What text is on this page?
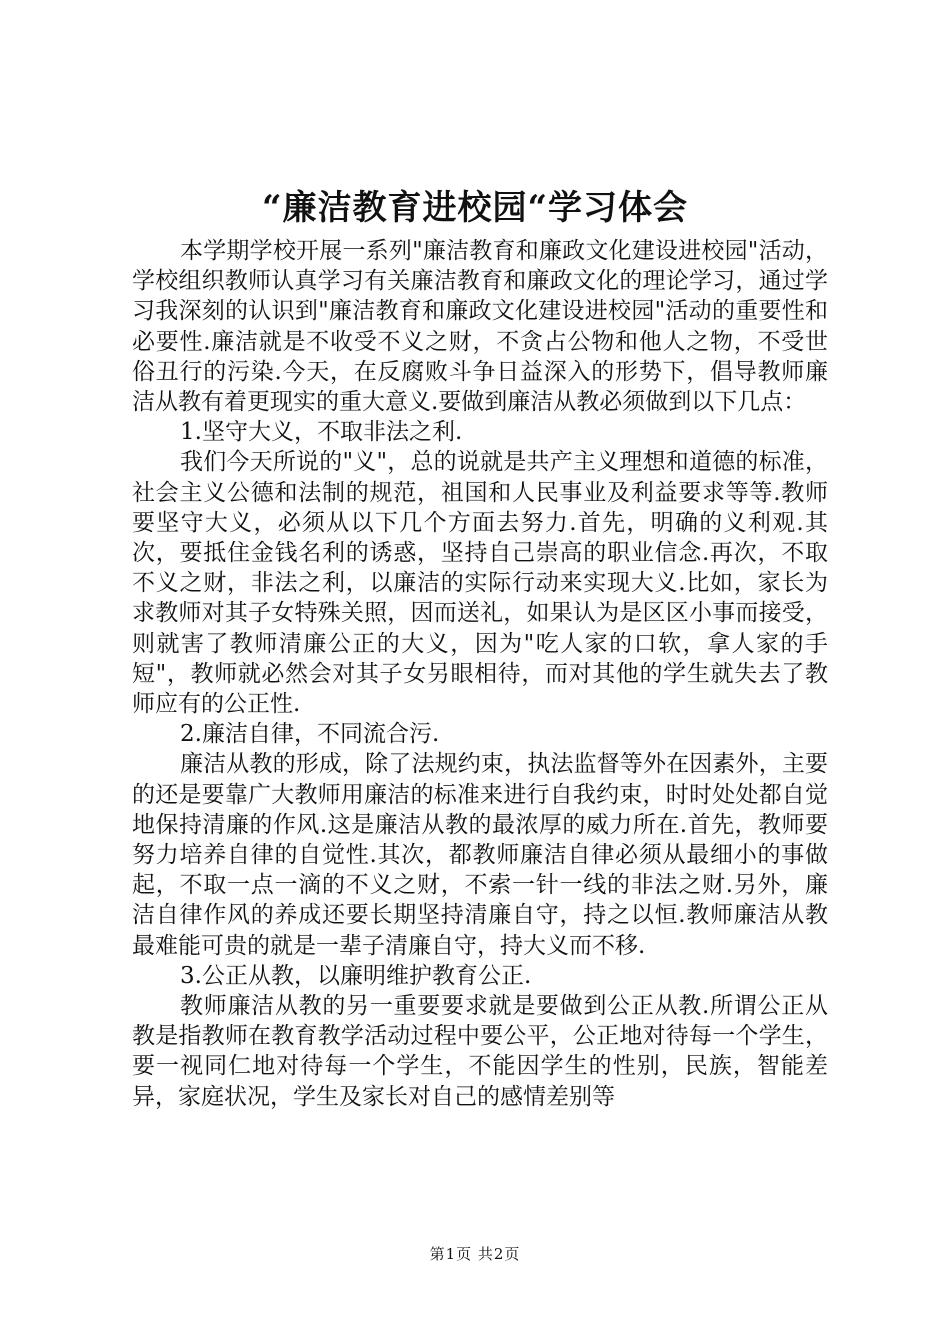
“廉洁教育进校园“学习体会

本学期学校开展一系列"廉洁教育和廉政文化建设进校园"活动，学校组织教师认真学习有关廉洁教育和廉政文化的理论学习，通过学习我深刻的认识到"廉洁教育和廉政文化建设进校园"活动的重要性和必要性.廉洁就是不收受不义之财，不贪占公物和他人之物，不受世俗丑行的污染.今天，在反腐败斗争日益深入的形势下，倡导教师廉洁从教有着更现实的重大意义.要做到廉洁从教必须做到以下几点：

1.坚守大义，不取非法之利.

我们今天所说的"义"，总的说就是共产主义理想和道德的标准，社会主义公德和法制的规范，祖国和人民事业及利益要求等等.教师要坚守大义，必须从以下几个方面去努力.首先，明确的义利观.其次，要抵住金钱名利的诱惑，坚持自己崇高的职业信念.再次，不取不义之财，非法之利，以廉洁的实际行动来实现大义.比如，家长为求教师对其子女特殊关照，因而送礼，如果认为是区区小事而接受，则就害了教师清廉公正的大义，因为"吃人家的口软，拿人家的手短"，教师就必然会对其子女另眼相待，而对其他的学生就失去了教师应有的公正性.

2.廉洁自律，不同流合污.

廉洁从教的形成，除了法规约束，执法监督等外在因素外，主要的还是要靠广大教师用廉洁的标准来进行自我约束，时时处处都自觉地保持清廉的作风.这是廉洁从教的最浓厚的威力所在.首先，教师要努力培养自律的自觉性.其次，都教师廉洁自律必须从最细小的事做起，不取一点一滴的不义之财，不索一针一线的非法之财.另外，廉洁自律作风的养成还要长期坚持清廉自守，持之以恒.教师廉洁从教最难能可贵的就是一辈子清廉自守，持大义而不移.

3.公正从教，以廉明维护教育公正.

教师廉洁从教的另一重要要求就是要做到公正从教.所谓公正从教是指教师在教育教学活动过程中要公平，公正地对待每一个学生，要一视同仁地对待每一个学生，不能因学生的性别，民族，智能差异，家庭状况，学生及家长对自己的感情差别等

第1页 共2页
